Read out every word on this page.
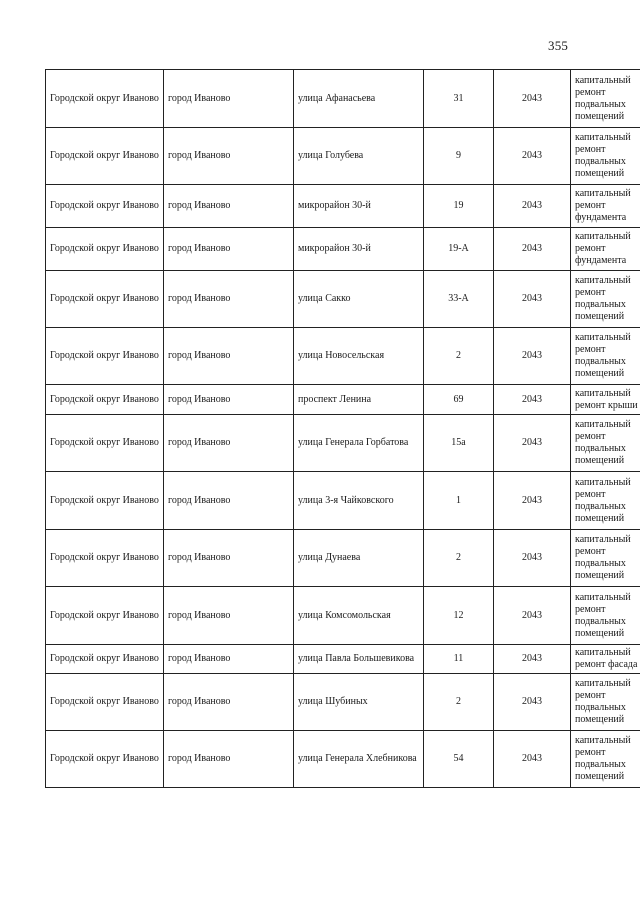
355
Городской округ Иваново	город Иваново	улица Афанасьева	31	2043	капитальный ремонт подвальных помещений
Городской округ Иваново	город Иваново	улица Голубева	9	2043	капитальный ремонт подвальных помещений
Городской округ Иваново	город Иваново	микрорайон 30-й	19	2043	капитальный ремонт фундамента
Городской округ Иваново	город Иваново	микрорайон 30-й	19-А	2043	капитальный ремонт фундамента
Городской округ Иваново	город Иваново	улица Сакко	33-А	2043	капитальный ремонт подвальных помещений
Городской округ Иваново	город Иваново	улица Новосельская	2	2043	капитальный ремонт подвальных помещений
Городской округ Иваново	город Иваново	проспект Ленина	69	2043	капитальный ремонт крыши
Городской округ Иваново	город Иваново	улица Генерала Горбатова	15а	2043	капитальный ремонт подвальных помещений
Городской округ Иваново	город Иваново	улица 3-я Чайковского	1	2043	капитальный ремонт подвальных помещений
Городской округ Иваново	город Иваново	улица Дунаева	2	2043	капитальный ремонт подвальных помещений
Городской округ Иваново	город Иваново	улица Комсомольская	12	2043	капитальный ремонт подвальных помещений
Городской округ Иваново	город Иваново	улица Павла Большевикова	11	2043	капитальный ремонт фасада
Городской округ Иваново	город Иваново	улица Шубиных	2	2043	капитальный ремонт подвальных помещений
Городской округ Иваново	город Иваново	улица Генерала Хлебникова	54	2043	капитальный ремонт подвальных помещений
